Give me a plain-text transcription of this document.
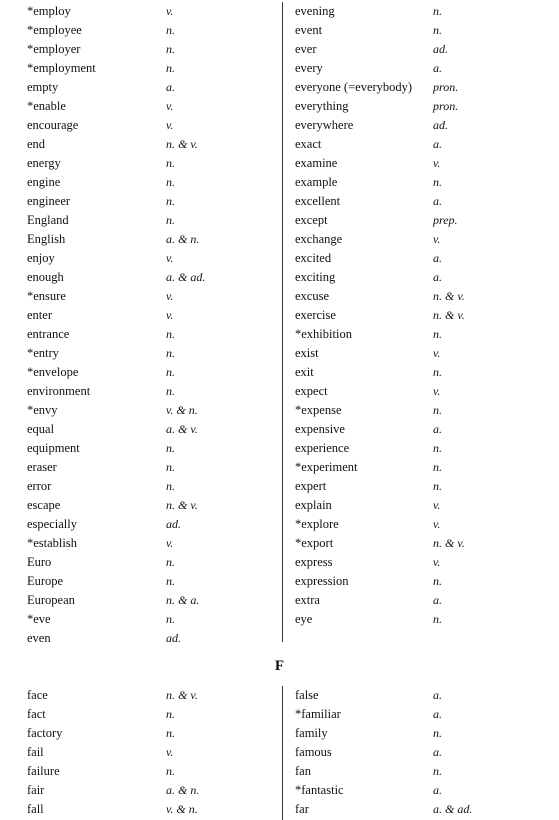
*employ	v.
*employee	n.
*employer	n.
*employment	n.
empty	a.
*enable	v.
encourage	v.
end	n. & v.
energy	n.
engine	n.
engineer	n.
England	n.
English	a. & n.
enjoy	v.
enough	a. & ad.
*ensure	v.
enter	v.
entrance	n.
*entry	n.
*envelope	n.
environment	n.
*envy	v. & n.
equal	a. & v.
equipment	n.
eraser	n.
error	n.
escape	n. & v.
especially	ad.
*establish	v.
Euro	n.
Europe	n.
European	n. & a.
*eve	n.
even	ad.
evening	n.
event	n.
ever	ad.
every	a.
everyone (=everybody) pron.
everything	pron.
everywhere	ad.
exact	a.
examine	v.
example	n.
excellent	a.
except	prep.
exchange	v.
excited	a.
exciting	a.
excuse	n. & v.
exercise	n. & v.
*exhibition	n.
exist	v.
exit	n.
expect	v.
*expense	n.
expensive	a.
experience	n.
*experiment	n.
expert	n.
explain	v.
*explore	v.
*export	n. & v.
express	v.
expression	n.
extra	a.
eye	n.
F
face	n. & v.
fact	n.
factory	n.
fail	v.
failure	n.
fair	a. & n.
fall	v. & n.
false	a.
*familiar	a.
family	n.
famous	a.
fan	n.
*fantastic	a.
far	a. & ad.
